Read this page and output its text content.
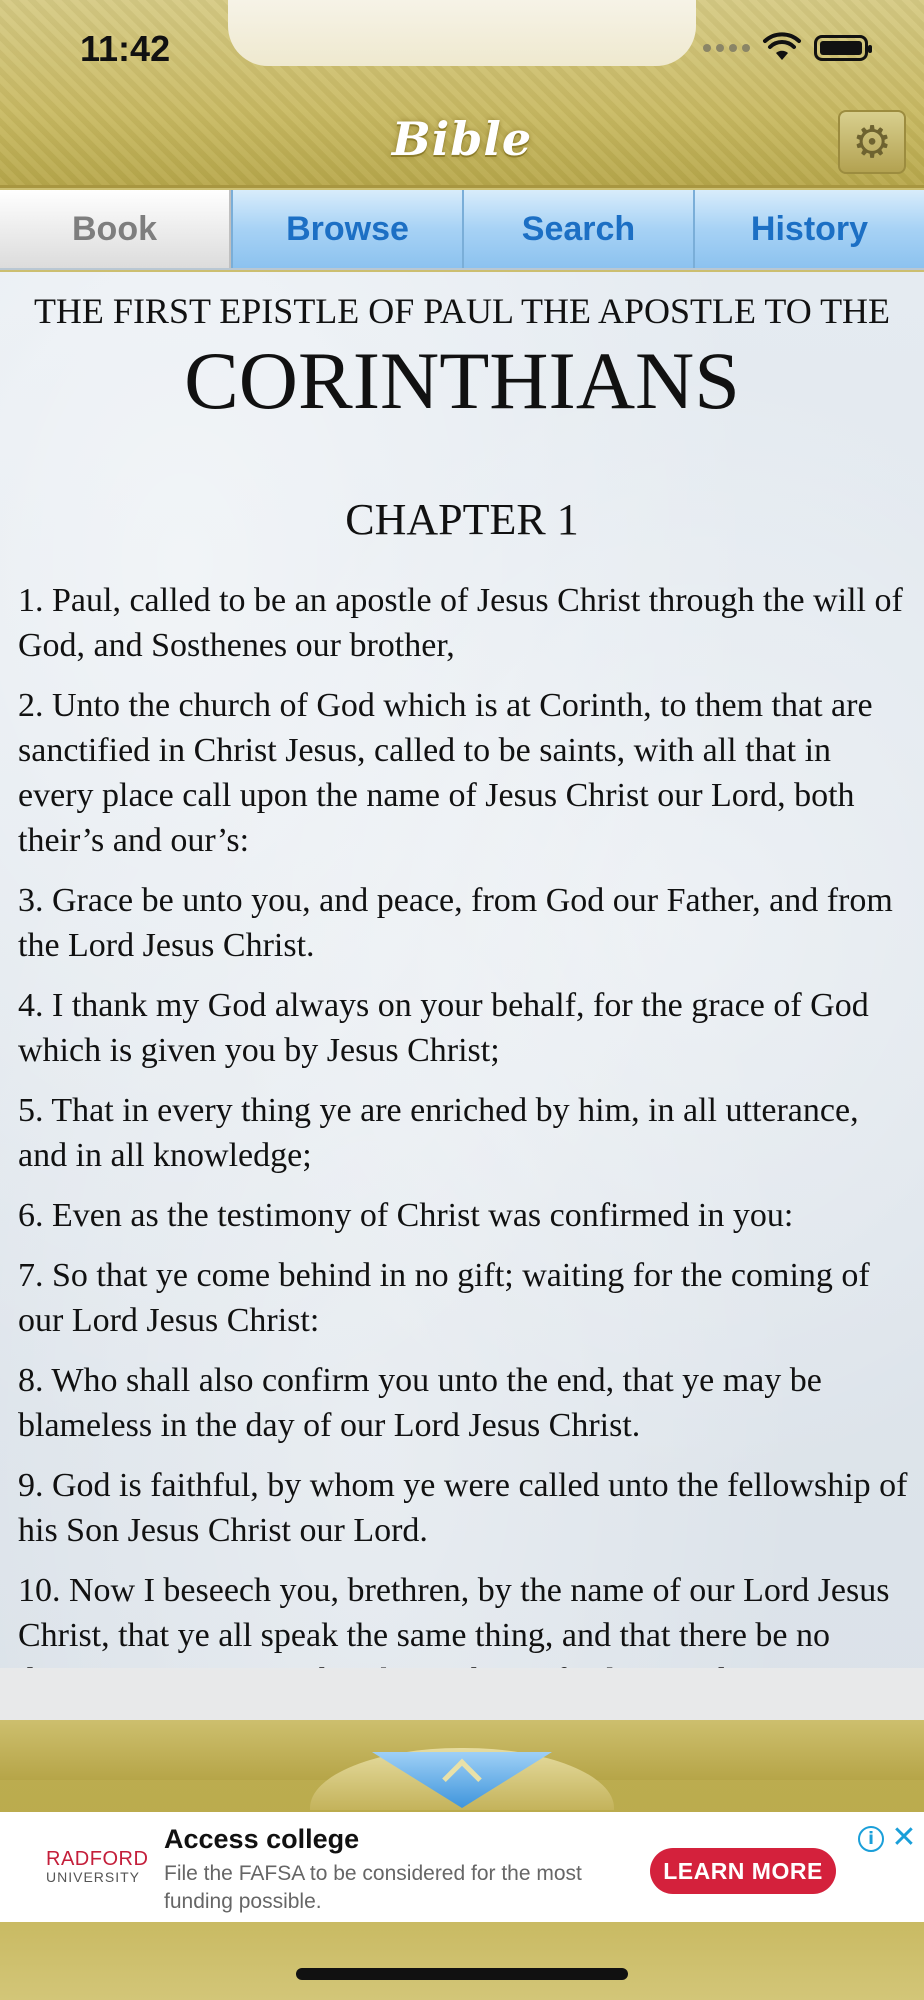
11:42
Bible	⚙
Book	Browse	Search	History
THE FIRST EPISTLE OF PAUL THE APOSTLE TO THE
CORINTHIANS
CHAPTER 1

1. Paul, called to be an apostle of Jesus Christ through the will of God, and Sosthenes our brother,

2. Unto the church of God which is at Corinth, to them that are sanctified in Christ Jesus, called to be saints, with all that in every place call upon the name of Jesus Christ our Lord, both their’s and our’s:

3. Grace be unto you, and peace, from God our Father, and from the Lord Jesus Christ.

4. I thank my God always on your behalf, for the grace of God which is given you by Jesus Christ;

5. That in every thing ye are enriched by him, in all utterance, and in all knowledge;

6. Even as the testimony of Christ was confirmed in you:

7. So that ye come behind in no gift; waiting for the coming of our Lord Jesus Christ:

8. Who shall also confirm you unto the end, that ye may be blameless in the day of our Lord Jesus Christ.

9. God is faithful, by whom ye were called unto the fellowship of his Son Jesus Christ our Lord.

10. Now I beseech you, brethren, by the name of our Lord Jesus Christ, that ye all speak the same thing, and that there be no

RADFORD
UNIVERSITY
Access college
File the FAFSA to be considered for the most funding possible.
LEARN MORE
i ✕
